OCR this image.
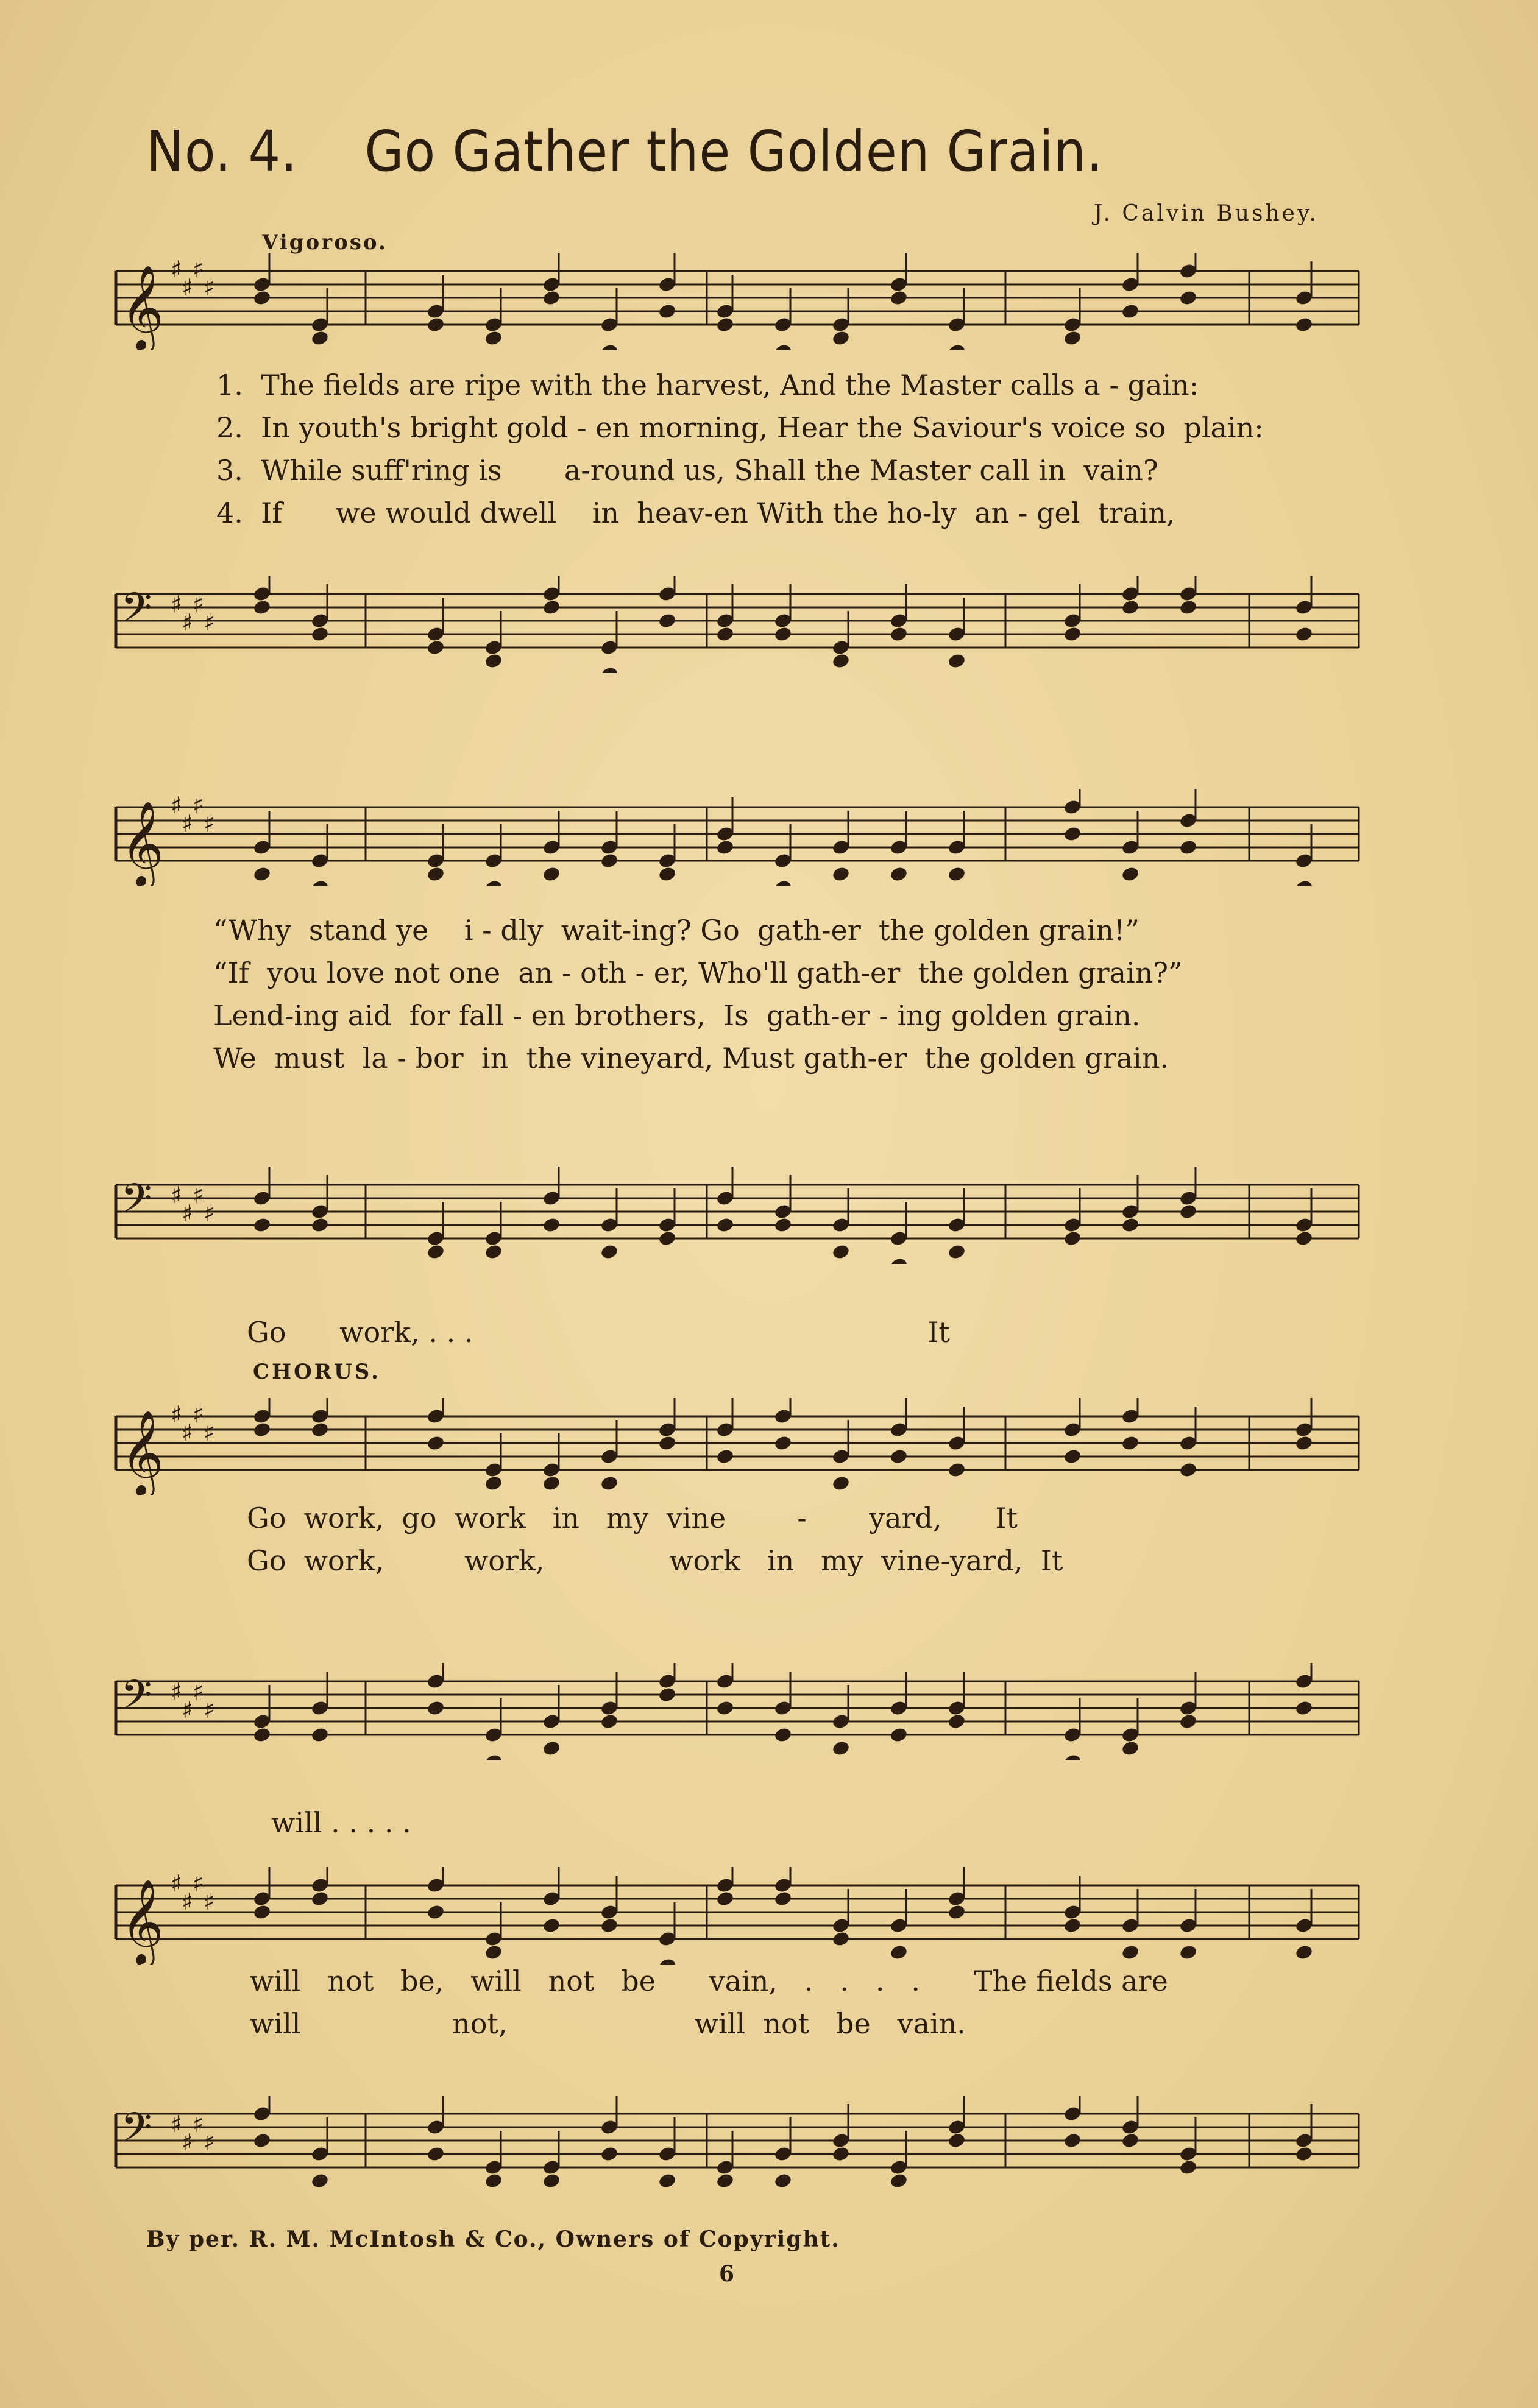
No. 4. Go Gather the Golden Grain.
J. Calvin Bushey.
Vigoroso.
𝄞 ♯
♯
♯
♯
1.  The fields are ripe with the harvest, And the Master calls a - gain:
2.  In youth's bright gold - en morning, Hear the Saviour's voice so  plain:
3.  While suff'ring is       a-round us, Shall the Master call in  vain?
4.  If      we would dwell    in  heav-en With the ho-ly  an - gel  train,
𝄢 ♯
♯
♯
♯
𝄞 ♯
♯
♯
♯
“Why  stand ye    i - dly  wait-ing? Go  gath-er  the golden grain!”
“If  you love not one  an - oth - er, Who'll gath-er  the golden grain?”
Lend-ing aid  for fall - en brothers,  Is  gath-er - ing golden grain.
We  must  la - bor  in  the vineyard, Must gath-er  the golden grain.
𝄢 ♯
♯
♯
♯
Go      work, . . .                                                   It
CHORUS.
𝄞 ♯
♯
♯
♯
Go  work,  go  work   in   my  vine        -       yard,      It
Go  work,         work,              work   in   my  vine-yard,  It
𝄢 ♯
♯
♯
♯
will . . . . .
𝄞 ♯
♯
♯
♯
will   not   be,   will   not   be      vain,   .   .   .   .      The fields are
will                 not,                     will  not   be   vain.
𝄢 ♯
♯
♯
♯
By per. R. M. McIntosh & Co., Owners of Copyright.
6
